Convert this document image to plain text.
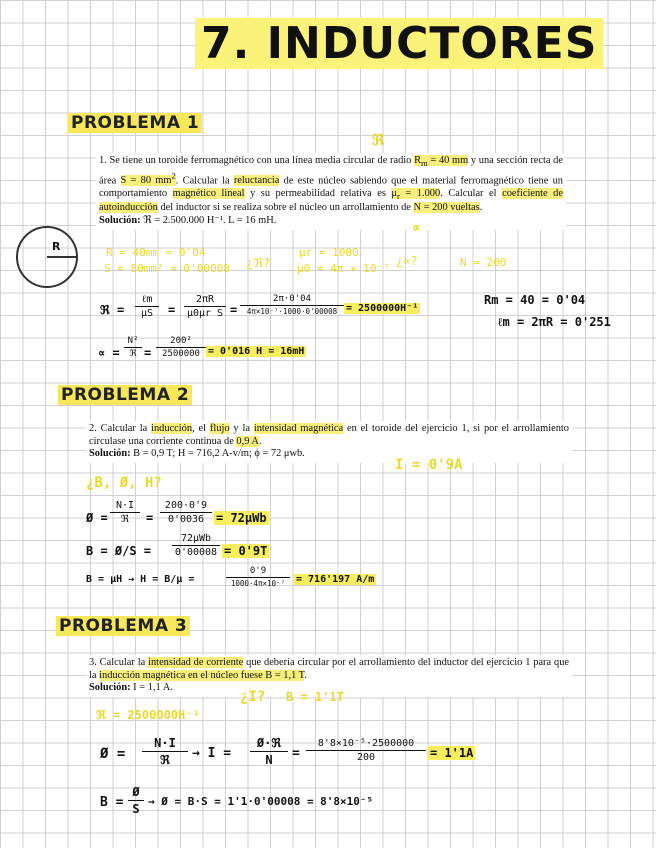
7. INDUCTORES
PROBLEMA 1

1. Se tiene un toroide ferromagnético con una línea media circular de radio $R_m = 40$ mm y una sección recta de área S = 80 $mm^2$. Calcular la reluctancia de este núcleo sabiendo que el material ferromagnético tiene un comportamiento magnético lineal y su permeabilidad relativa es $\mu_r = 1.000$. Calcular el coeficiente de autoinducción del inductor si se realiza sobre el núcleo un arrollamiento de N = 200 vueltas.

Solución: ℜ = 2.500.000 H⁻¹. L = 16 mH.

ℜ
∝
R	R = 40mm = 0'04
S = 80mm² = 0'00008 ¿ℜ?
μr = 1000
μ0 = 4π × 10⁻⁷
¿∝?	N = 200
ℜ =
ℓm
μS	=
2πR
μ0μr S =
2π·0'04
4π×10⁻⁷·1000·0'00008 = 2500000H⁻¹
Rm = 40 = 0'04
ℓm = 2πR = 0'251
∝ =
N²
ℜ =
200²
2500000 = 0'016 H = 16mH
PROBLEMA 2

2. Calcular la inducción, el flujo y la intensidad magnética en el toroide del ejercicio 1, si por el arrollamiento circulase una corriente continua de 0,9 A.

Solución: B = 0,9 T; H = 716,2 A-v/m; ϕ = 72 μwb.

I = 0'9A
¿B, Ø, H?
Ø =
N·I
ℜ	=
200·0'9
0'0036 = 72μWb
B = Ø/S =
72μWb
0'00008 = 0'9T
B = μH → H = B/μ =
0'9
1000·4π×10⁻⁷	= 716'197 A/m
PROBLEMA 3

3. Calcular la intensidad de corriente que debería circular por el arrollamiento del inductor del ejercicio 1 para que la inducción magnética en el núcleo fuese B = 1,1 T.

Solución: I = 1,1 A.

¿I? B = 1'1T
ℜ = 2500000H⁻¹
Ø =
N·I
ℜ	→ I =
Ø·ℜ
N	=
8'8×10⁻⁵·2500000
200	= 1'1A
B =
Ø
S
→ Ø = B·S = 1'1·0'00008 = 8'8×10⁻⁵
